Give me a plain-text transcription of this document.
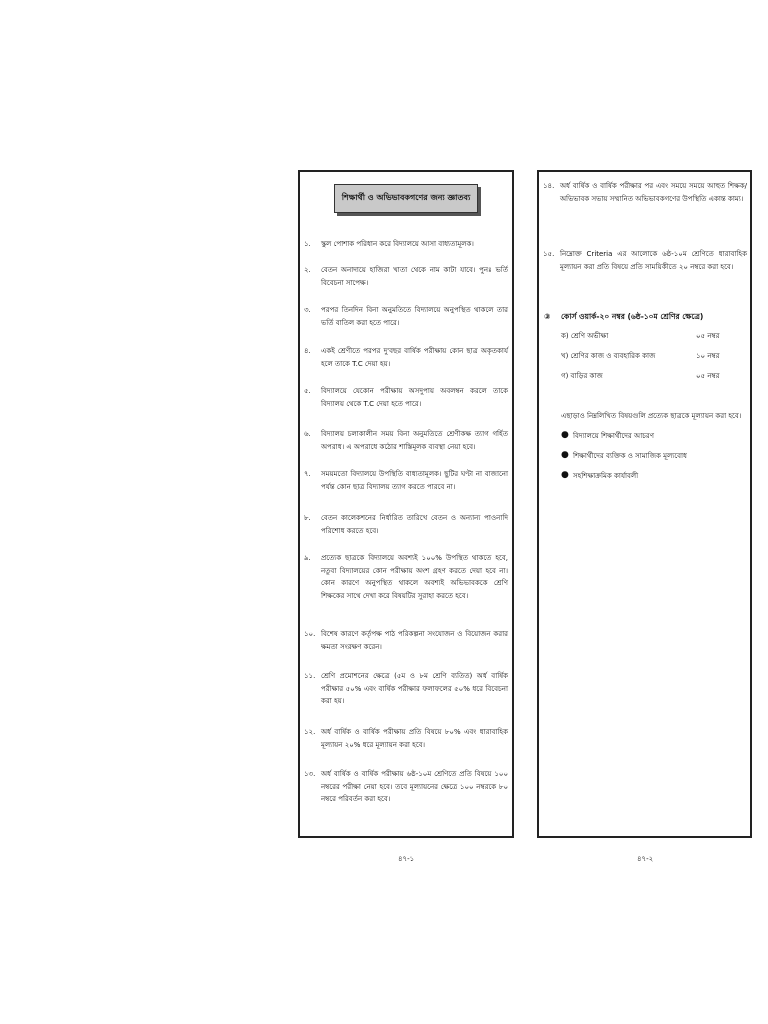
শিক্ষার্থী ও অভিভাবকগণের জন্য জ্ঞাতব্য
১.	স্কুল পোশাক পরিধান করে বিদ্যালয়ে আসা বাধ্যতামূলক।
২.	বেতন অনাদায়ে হাজিরা খাতা থেকে নাম কাটা যাবে। পুনঃ ভর্তি বিবেচনা সাপেক্ষ।
৩.	পরপর তিনদিন বিনা অনুমতিতে বিদ্যালয়ে অনুপস্থিত থাকলে তার ভর্তি বাতিল করা হতে পারে।
৪.	একই শ্রেণীতে পরপর দু'বছর বার্ষিক পরীক্ষায় কোন ছাত্র অকৃতকার্য হলে তাকে T.C দেয়া হয়।
৫.	বিদ্যালয়ে যেকোন পরীক্ষায় অসদুপায় অবলম্বন করলে তাকে বিদ্যালয় থেকে T.C দেয়া হতে পারে।
৬.	বিদ্যালয় চলাকালীন সময় বিনা অনুমতিতে শ্রেণীকক্ষ ত্যাগ গর্হিত অপরাধ। এ অপরাধে কঠোর শাস্তিমূলক ব্যবস্থা নেয়া হবে।
৭.	সময়মতো বিদ্যালয়ে উপস্থিতি বাধ্যতামূলক। ছুটির ঘণ্টা না বাজানো পর্যন্ত কোন ছাত্র বিদ্যালয় ত্যাগ করতে পারবে না।
৮.	বেতন কালেকশনের নির্ধারিত তারিখে বেতন ও অন্যান্য পাওনাদি পরিশোধ করতে হবে।
৯.	প্রত্যেক ছাত্রকে বিদ্যালয়ে অবশ্যই ১০০% উপস্থিত থাকতে হবে, নতুবা বিদ্যালয়ের কোন পরীক্ষায় অংশ গ্রহণ করতে দেয়া হবে না। কোন কারণে অনুপস্থিত থাকলে অবশ্যই অভিভাবককে শ্রেণি শিক্ষকের সাথে দেখা করে বিষয়টির সুরাহা করতে হবে।
১০. বিশেষ কারণে কর্তৃপক্ষ পাঠ পরিকল্পনা সংযোজন ও বিয়োজন করার ক্ষমতা সংরক্ষণ করেন।
১১. শ্রেণি প্রমোশনের ক্ষেত্রে (৫ম ও ৮ম শ্রেণি ব্যতিত) অর্ধ বার্ষিক পরীক্ষার ৫০% এবং বার্ষিক পরীক্ষার ফলাফলের ৫০% ধরে বিবেচনা করা হয়।
১২. অর্ধ বার্ষিক ও বার্ষিক পরীক্ষায় প্রতি বিষয়ে ৮০% এবং ধারাবাহিক মূল্যায়ন ২০% ধরে মূল্যায়ন করা হবে।
১৩. অর্ধ বার্ষিক ও বার্ষিক পরীক্ষায় ৬ষ্ঠ-১০ম শ্রেণিতে প্রতি বিষয়ে ১০০ নম্বরের পরীক্ষা নেয়া হবে। তবে মূল্যায়নের ক্ষেত্রে ১০০ নম্বরকে ৮০ নম্বরে পরিবর্তন করা হবে।
১৪. অর্ধ বার্ষিক ও বার্ষিক পরীক্ষার পর এবং সময়ে সময়ে আহুত শিক্ষক/অভিভাবক সভায় সম্মানিত অভিভাবকগণের উপস্থিতি একান্ত কাম্য।
১৫. নিম্নোক্ত Criteria এর আলোকে ৬ষ্ঠ-১০ম শ্রেণিতে ধারাবাহিক মূল্যায়ন করা প্রতি বিষয়ে প্রতি সাময়িকীতে ২০ নম্বরে করা হবে।
③	কোর্স ওয়ার্ক-২০ নম্বর (৬ষ্ঠ-১০ম শ্রেণির ক্ষেত্রে)
ক) শ্রেণি অভীক্ষা	০৫ নম্বর
খ) শ্রেণির কাজ ও ব্যবহারিক কাজ	১০ নম্বর
গ) বাড়ির কাজ	০৫ নম্বর
এছাড়াও নিম্নলিখিত বিষয়গুলি প্রত্যেক ছাত্রকে মূল্যায়ন করা হবে।
● বিদ্যালয়ে শিক্ষার্থীদের আচরণ
● শিক্ষার্থীদের ব্যক্তিক ও সামাজিক মূল্যবোধ
● সহশিক্ষাক্রমিক কার্যাবলী
৪৭-১	৪৭-২
